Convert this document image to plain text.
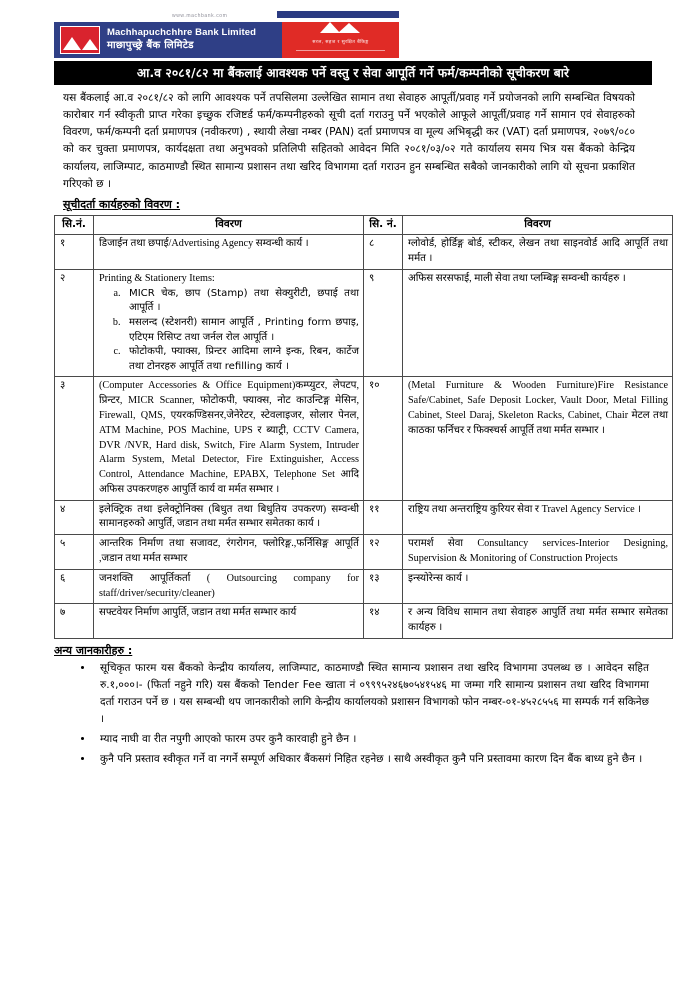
www.machbank.com
Machhapuchchhre Bank Limited
माछापुच्छ्रे बैंक लिमिटेड	सरल, सहज र सुरक्षित बैंकिङ्ग
आ.व २०८१/८२ मा बैंकलाई आवश्यक पर्ने वस्तु र सेवा आपूर्ति गर्ने फर्म/कम्पनीको सूचीकरण बारे

यस बैंकलाई आ.व २०८१/८२ को लागि आवश्यक पर्ने तपसिलमा उल्लेखित सामान तथा सेवाहरु आपूर्ती/प्रवाह गर्ने प्रयोजनको लागि सम्बन्धित विषयको कारोबार गर्न स्वीकृती प्राप्त गरेका इच्छुक रजिष्टर्ड फर्म/कम्पनीहरुको सूची दर्ता गराउनु पर्ने भएकोले आफूले आपूर्ती/प्रवाह गर्ने सामान एवं सेवाहरुको विवरण, फर्म/कम्पनी दर्ता प्रमाणपत्र (नवीकरण) , स्थायी लेखा नम्बर (PAN) दर्ता प्रमाणपत्र वा मूल्य अभिबृद्धी कर (VAT) दर्ता प्रमाणपत्र, २०७९/०८० को कर चुक्ता प्रमाणपत्र, कार्यदक्षता तथा अनुभवको प्रतिलिपी सहितको आवेदन मिति २०८१/०३/०२ गते कार्यालय समय भित्र यस बैंकको केन्द्रिय कार्यालय, लाजिम्पाट, काठमाण्डौ स्थित सामान्य प्रशासन तथा खरिद विभागमा दर्ता गराउन हुन सम्बन्धित सबैको जानकारीको लागि यो सूचना प्रकाशित गरिएको छ ।

सूचीदर्ता कार्यहरुको विवरण :
सि.नं.	विवरण	सि. नं.	विवरण
१	डिजाईन तथा छपाई/Advertising Agency सम्वन्धी कार्य ।	८	ग्लोवोर्ड, होर्डिङ्ग बोर्ड, स्टीकर, लेखन तथा साइनवोर्ड आदि आपूर्ति तथा मर्मत ।
२	Printing & Stationery Items:
a. MICR चेक, छाप (Stamp) तथा सेक्युरीटी, छपाई तथा आपूर्ति ।
b. मसलन्द (स्टेशनरी) सामान आपूर्ति , Printing form छपाइ, एटिएम रिसिप्ट तथा जर्नल रोल आपूर्ति ।
c. फोटोकपी, फ्याक्स, प्रिन्टर आदिमा लाग्ने इन्क, रिबन, कार्टेज तथा टोनरहरु आपूर्ति तथा refilling कार्य ।
	९	अफिस सरसफाई, माली सेवा तथा प्लम्बिङ्ग सम्वन्धी कार्यहरु ।
३	(Computer Accessories & Office Equipment)कम्प्युटर, लेपटप, प्रिन्टर, MICR Scanner, फोटोकपी, फ्याक्स, नोट काउन्टिङ्ग मेसिन, Firewall, QMS, एयरकण्डिसनर,जेनेरेटर, स्टेवलाइजर, सोलार पेनल, ATM Machine, POS Machine, UPS र ब्याट्री, CCTV Camera, DVR /NVR, Hard disk, Switch, Fire Alarm System, Intruder Alarm System, Metal Detector, Fire Extinguisher, Access Control, Attendance Machine, EPABX, Telephone Set आदि अफिस उपकरणहरु आपुर्ति कार्य वा मर्मत सम्भार ।	१०	(Metal Furniture & Wooden Furniture)Fire Resistance Safe/Cabinet, Safe Deposit Locker, Vault Door, Metal Filling Cabinet, Steel Daraj, Skeleton Racks, Cabinet, Chair मेटल तथा काठका फर्निचर र फिक्स्चर्स आपूर्ति तथा मर्मत सम्भार ।
४	इलेक्ट्रिक तथा इलेक्ट्रोनिक्स (बिधुत तथा बिधुतिय उपकरण) सम्वन्धी सामानहरुको आपुर्ति, जडान तथा मर्मत सम्भार समेतका कार्य ।	११	राष्ट्रिय तथा अन्तराष्ट्रिय कुरियर सेवा र Travel Agency Service ।
५	आन्तरिक निर्माण तथा सजावट, रंगरोगन, फ्लोरिङ्ग.,फर्निसिङ्ग आपूर्ति ,जडान तथा मर्मत सम्भार	१२	परामर्श सेवा Consultancy services-Interior Designing, Supervision & Monitoring of Construction Projects
६	जनशक्ति आपूर्तिकर्ता ( Outsourcing company for staff/driver/security/cleaner)	१३	इन्स्योरेन्स कार्य ।
७	सफ्टवेयर निर्माण आपुर्ति, जडान तथा मर्मत सम्भार कार्य	१४	र अन्य विविध सामान तथा सेवाहरु आपुर्ति तथा मर्मत सम्भार समेतका कार्यहरु ।
अन्य जानकारीहरु :
• सूचिकृत फारम यस बैंकको केन्द्रीय कार्यालय, लाजिम्पाट, काठमाण्डौ स्थित सामान्य प्रशासन तथा खरिद विभागमा उपलब्ध छ । आवेदन सहित रु.१,०००।- (फिर्ता नहुने गरि) यस बैंकको Tender Fee खाता नं ०९९९५२४६७०५४१५४६ मा जम्मा गरि सामान्य प्रशासन तथा खरिद विभागमा दर्ता गराउन पर्ने छ । यस सम्बन्धी थप जानकारीको लागि केन्द्रीय कार्यालयको प्रशासन विभागको फोन नम्बर-०१-४५२८५५६ मा सम्पर्क गर्न सकिनेछ ।
• म्याद नाघी वा रीत नपुगी आएको फारम उपर कुनै कारवाही हुने छैन ।
• कुनै पनि प्रस्ताव स्वीकृत गर्ने वा नगर्ने सम्पूर्ण अधिकार बैंकसगं निहित रहनेछ । साथै अस्वीकृत कुनै पनि प्रस्तावमा कारण दिन बैंक बाध्य हुने छैन ।
